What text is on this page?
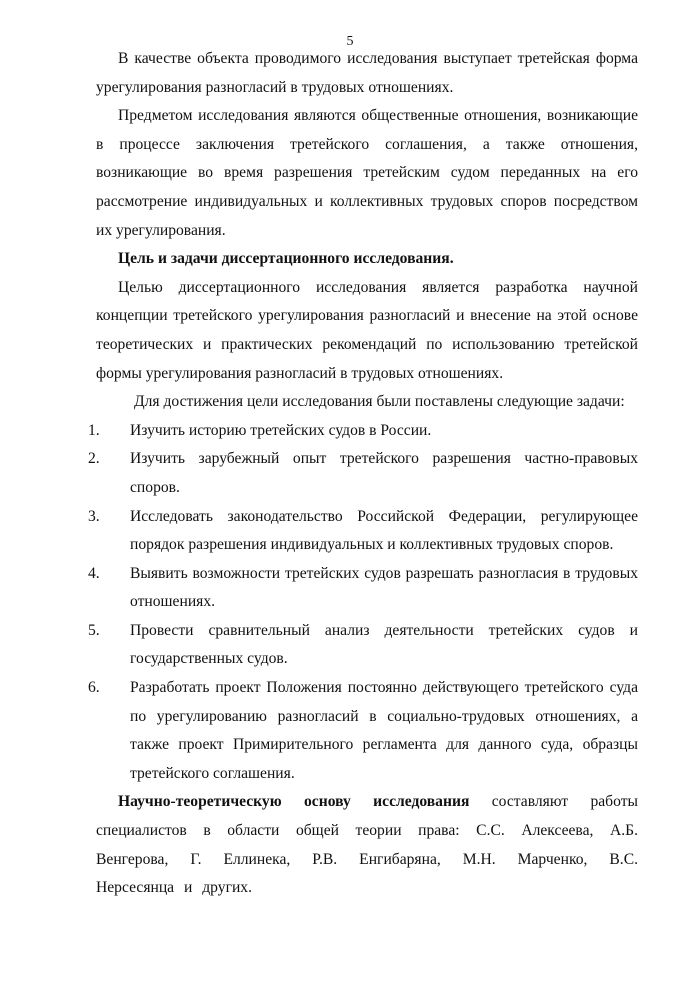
5

В качестве объекта проводимого исследования выступает третейская форма урегулирования разногласий в трудовых отношениях.

Предметом исследования являются общественные отношения, возникающие в процессе заключения третейского соглашения, а также отношения, возникающие во время разрешения третейским судом переданных на его рассмотрение индивидуальных и коллективных трудовых споров посредством их урегулирования.

Цель и задачи диссертационного исследования.

Целью диссертационного исследования является разработка научной концепции третейского урегулирования разногласий и внесение на этой основе теоретических и практических рекомендаций по использованию третейской формы урегулирования разногласий в трудовых отношениях.

Для достижения цели исследования были поставлены следующие задачи:

1.	Изучить историю третейских судов в России.
2.	Изучить зарубежный опыт третейского разрешения частно-правовых споров.
3.	Исследовать законодательство Российской Федерации, регулирующее порядок разрешения индивидуальных и коллективных трудовых споров.
4.	Выявить возможности третейских судов разрешать разногласия в трудовых отношениях.
5.	Провести сравнительный анализ деятельности третейских судов и государственных судов.
6.	Разработать проект Положения постоянно действующего третейского суда по урегулированию разногласий в социально-трудовых отношениях, а также проект Примирительного регламента для данного суда, образцы третейского соглашения.

Научно-теоретическую основу исследования составляют работы специалистов в области общей теории права: С.С. Алексеева, А.Б. Венгерова, Г. Еллинека, Р.В. Енгибаряна, М.Н. Марченко, В.С. Нерсесянца и других.
